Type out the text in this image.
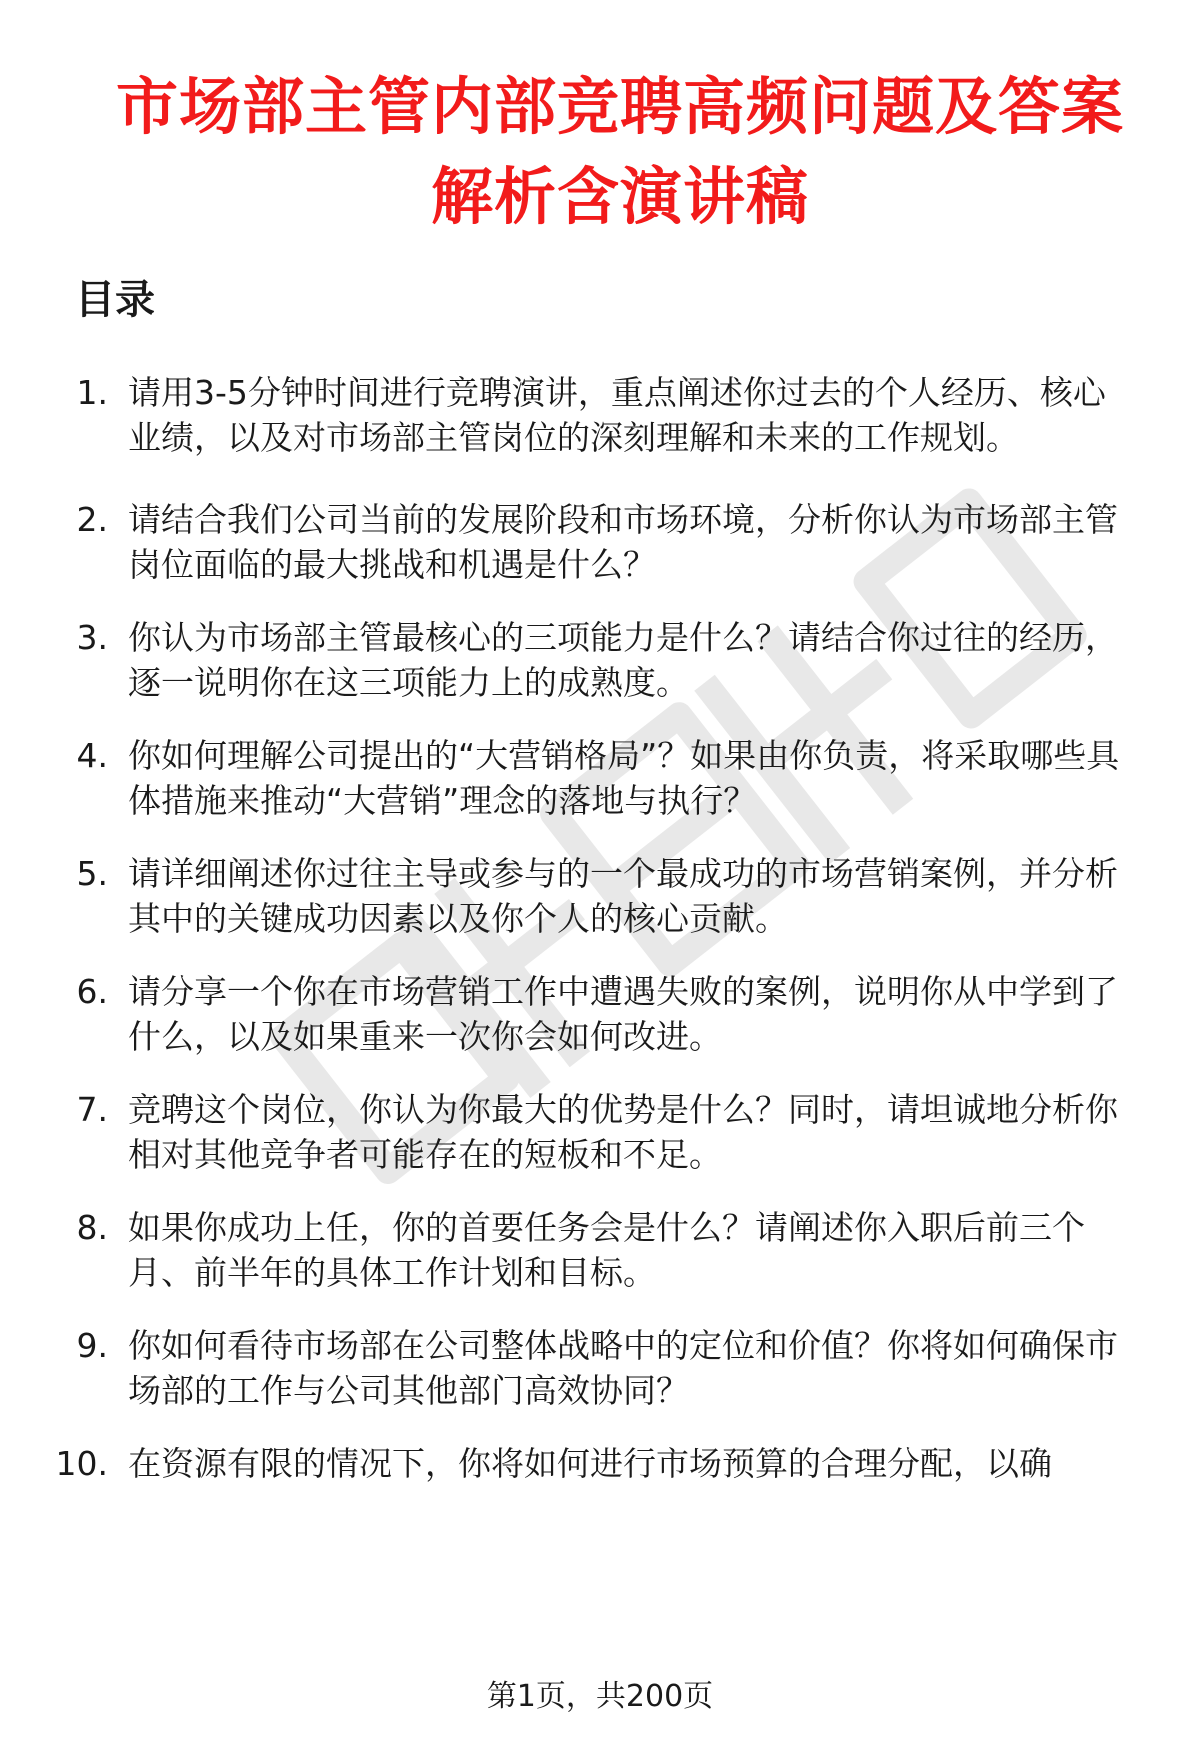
市场部主管内部竞聘高频问题及答案解析含演讲稿
目录
1. 请用3-5分钟时间进行竞聘演讲，重点阐述你过去的个人经历、核心业绩，以及对市场部主管岗位的深刻理解和未来的工作规划。
2. 请结合我们公司当前的发展阶段和市场环境，分析你认为市场部主管岗位面临的最大挑战和机遇是什么？
3. 你认为市场部主管最核心的三项能力是什么？请结合你过往的经历，逐一说明你在这三项能力上的成熟度。
4. 你如何理解公司提出的“大营销格局”？如果由你负责，将采取哪些具体措施来推动“大营销”理念的落地与执行？
5. 请详细阐述你过往主导或参与的一个最成功的市场营销案例，并分析其中的关键成功因素以及你个人的核心贡献。
6. 请分享一个你在市场营销工作中遭遇失败的案例，说明你从中学到了什么，以及如果重来一次你会如何改进。
7. 竞聘这个岗位，你认为你最大的优势是什么？同时，请坦诚地分析你相对其他竞争者可能存在的短板和不足。
8. 如果你成功上任，你的首要任务会是什么？请阐述你入职后前三个月、前半年的具体工作计划和目标。
9. 你如何看待市场部在公司整体战略中的定位和价值？你将如何确保市场部的工作与公司其他部门高效协同？
10. 在资源有限的情况下，你将如何进行市场预算的合理分配，以确
第1页，共200页
